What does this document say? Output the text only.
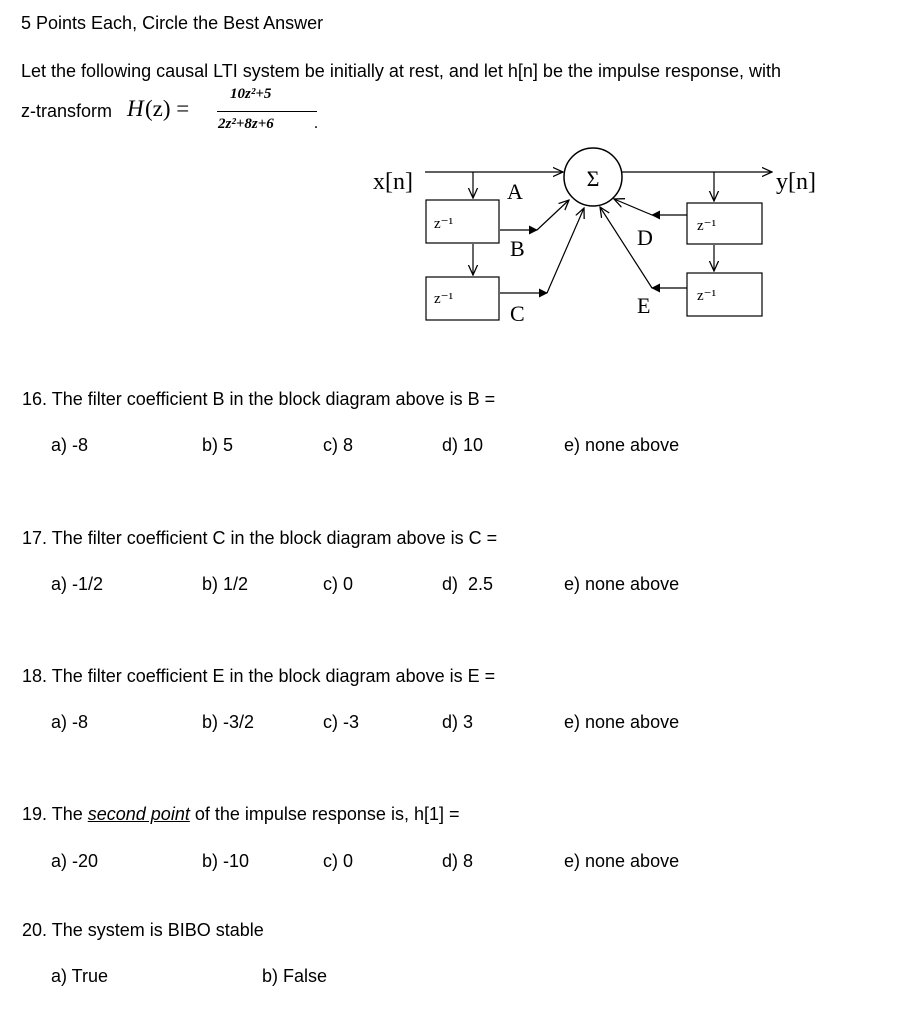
5 Points Each, Circle the Best Answer
Let the following causal LTI system be initially at rest, and let h[n] be the impulse response, with
z-transform H (z) =
10z²+5
2z²+8z+6	.
x[n]	y[n]
Σ
z⁻¹
z⁻¹
z⁻¹
z⁻¹
A
B
C
D
E
16. The filter coefficient B in the block diagram above is B =
a) -8	b) 5	c) 8	d) 10	e) none above
17. The filter coefficient C in the block diagram above is C =
a) -1/2	b) 1/2	c) 0	d)  2.5	e) none above
18. The filter coefficient E in the block diagram above is E =
a) -8	b) -3/2	c) -3	d) 3	e) none above
19. The second point of the impulse response is, h[1] =
a) -20	b) -10	c) 0	d) 8	e) none above
20. The system is BIBO stable
a) True	b) False
